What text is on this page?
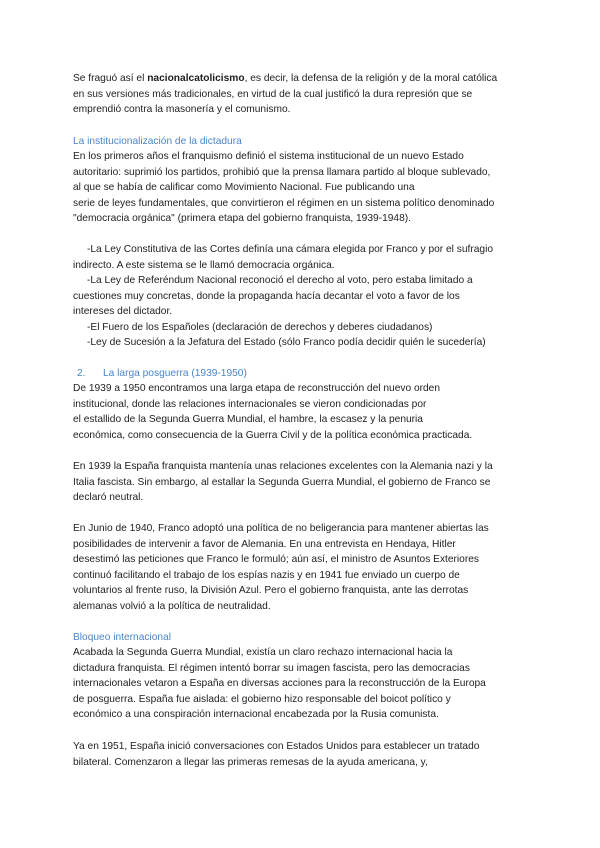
Se fraguó así el nacionalcatolicismo, es decir, la defensa de la religión y de la moral católica
en sus versiones más tradicionales, en virtud de la cual justificó la dura represión que se
emprendió contra la masonería y el comunismo.

La institucionalización de la dictadura

En los primeros años el franquismo definió el sistema institucional de un nuevo Estado
autoritario: suprimió los partidos, prohibió que la prensa llamara partido al bloque sublevado,
al que se había de calificar como Movimiento Nacional. Fue publicando una
serie de leyes fundamentales, que convirtieron el régimen en un sistema político denominado
"democracia orgánica" (primera etapa del gobierno franquista, 1939-1948).

-La Ley Constitutiva de las Cortes definía una cámara elegida por Franco y por el sufragio
indirecto. A este sistema se le llamó democracia orgánica.
-La Ley de Referéndum Nacional reconoció el derecho al voto, pero estaba limitado a
cuestiones muy concretas, donde la propaganda hacía decantar el voto a favor de los
intereses del dictador.
-El Fuero de los Españoles (declaración de derechos y deberes ciudadanos)
-Ley de Sucesión a la Jefatura del Estado (sólo Franco podía decidir quién le sucedería)

2. La larga posguerra (1939-1950)

De 1939 a 1950 encontramos una larga etapa de reconstrucción del nuevo orden
institucional, donde las relaciones internacionales se vieron condicionadas por
el estallido de la Segunda Guerra Mundial, el hambre, la escasez y la penuria
económica, como consecuencia de la Guerra Civil y de la política económica practicada.

En 1939 la España franquista mantenía unas relaciones excelentes con la Alemania nazi y la
Italia fascista. Sin embargo, al estallar la Segunda Guerra Mundial, el gobierno de Franco se
declaró neutral.

En Junio de 1940, Franco adoptó una política de no beligerancia para mantener abiertas las
posibilidades de intervenir a favor de Alemania. En una entrevista en Hendaya, Hitler
desestimó las peticiones que Franco le formuló; aún así, el ministro de Asuntos Exteriores
continuó facilitando el trabajo de los espías nazis y en 1941 fue enviado un cuerpo de
voluntarios al frente ruso, la División Azul. Pero el gobierno franquista, ante las derrotas
alemanas volvió a la política de neutralidad.

Bloqueo internacional

Acabada la Segunda Guerra Mundial, existía un claro rechazo internacional hacia la
dictadura franquista. El régimen intentó borrar su imagen fascista, pero las democracias
internacionales vetaron a España en diversas acciones para la reconstrucción de la Europa
de posguerra. España fue aislada: el gobierno hizo responsable del boicot político y
económico a una conspiración internacional encabezada por la Rusia comunista.

Ya en 1951, España inició conversaciones con Estados Unidos para establecer un tratado
bilateral. Comenzaron a llegar las primeras remesas de la ayuda americana, y,
